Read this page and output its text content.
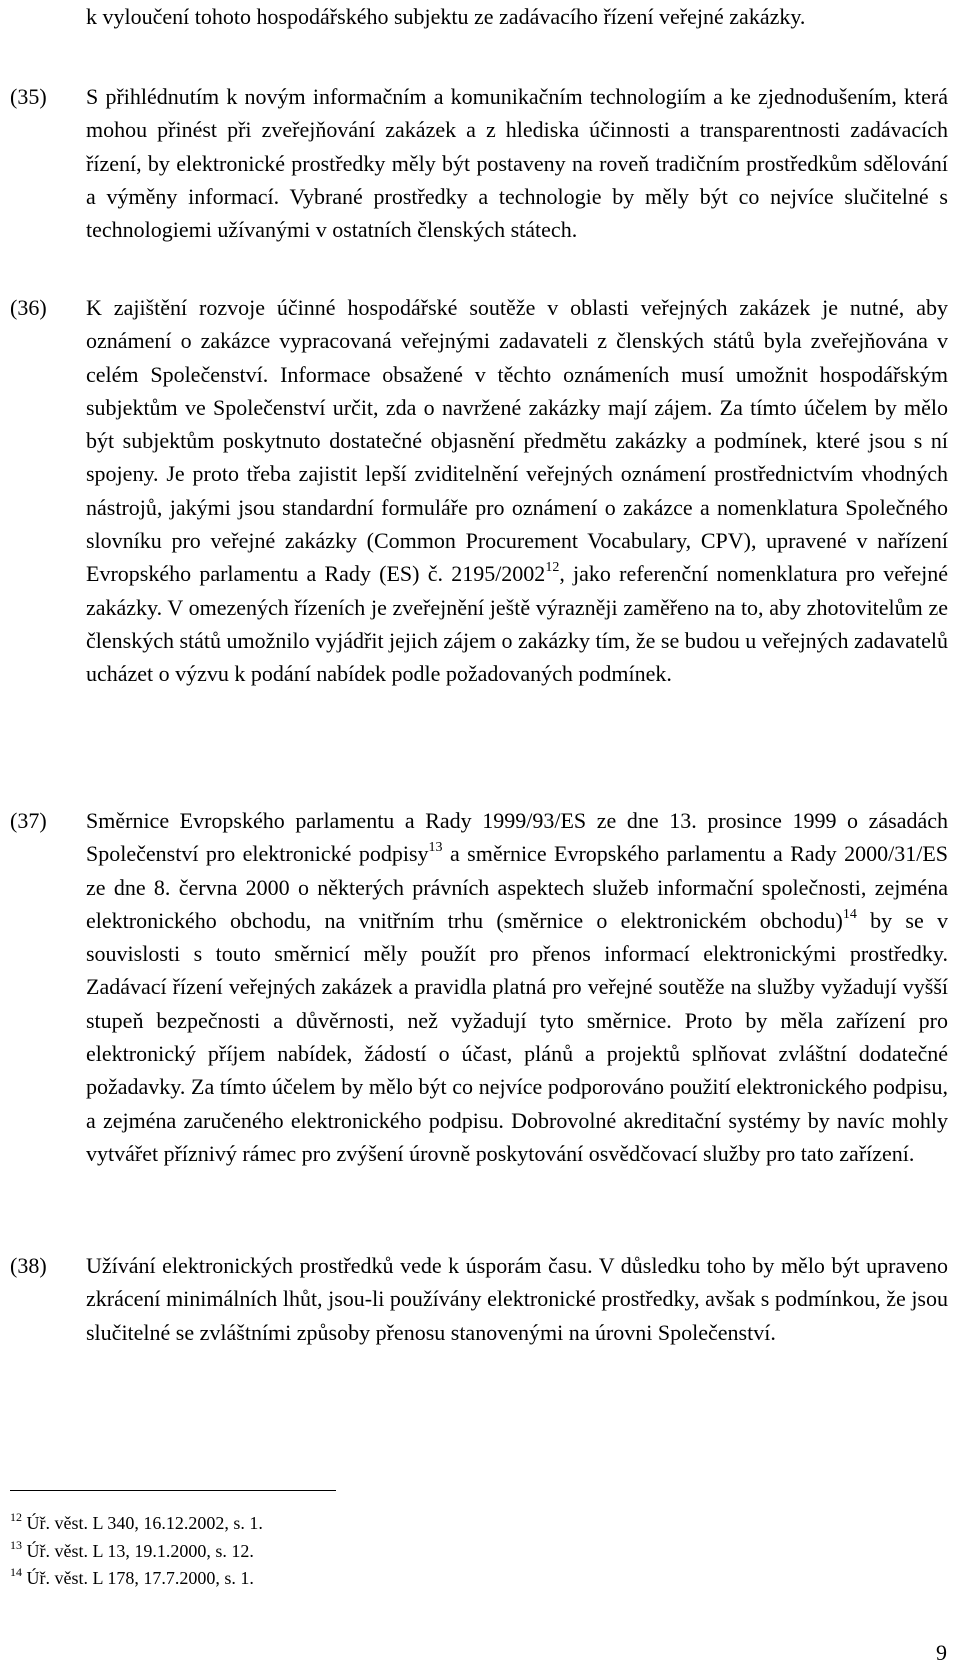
k vyloučení tohoto hospodářského subjektu ze zadávacího řízení veřejné zakázky.

(35) S přihlédnutím k novým informačním a komunikačním technologiím a ke zjednodušením, která mohou přinést při zveřejňování zakázek a z hlediska účinnosti a transparentnosti zadávacích řízení, by elektronické prostředky měly být postaveny na roveň tradičním prostředkům sdělování a výměny informací. Vybrané prostředky a technologie by měly být co nejvíce slučitelné s technologiemi užívanými v ostatních členských státech.

(36) K zajištění rozvoje účinné hospodářské soutěže v oblasti veřejných zakázek je nutné, aby oznámení o zakázce vypracovaná veřejnými zadavateli z členských států byla zveřejňována v celém Společenství. Informace obsažené v těchto oznámeních musí umožnit hospodářským subjektům ve Společenství určit, zda o navržené zakázky mají zájem. Za tímto účelem by mělo být subjektům poskytnuto dostatečné objasnění předmětu zakázky a podmínek, které jsou s ní spojeny. Je proto třeba zajistit lepší zviditelnění veřejných oznámení prostřednictvím vhodných nástrojů, jakými jsou standardní formuláře pro oznámení o zakázce a nomenklatura Společného slovníku pro veřejné zakázky (Common Procurement Vocabulary, CPV), upravené v nařízení Evropského parlamentu a Rady (ES) č. 2195/2002$^{12}$, jako referenční nomenklatura pro veřejné zakázky. V omezených řízeních je zveřejnění ještě výrazněji zaměřeno na to, aby zhotovitelům ze členských států umožnilo vyjádřit jejich zájem o zakázky tím, že se budou u veřejných zadavatelů ucházet o výzvu k podání nabídek podle požadovaných podmínek.

(37) Směrnice Evropského parlamentu a Rady 1999/93/ES ze dne 13. prosince 1999 o zásadách Společenství pro elektronické podpisy$^{13}$ a směrnice Evropského parlamentu a Rady 2000/31/ES ze dne 8. června 2000 o některých právních aspektech služeb informační společnosti, zejména elektronického obchodu, na vnitřním trhu (směrnice o elektronickém obchodu)$^{14}$ by se v souvislosti s touto směrnicí měly použít pro přenos informací elektronickými prostředky. Zadávací řízení veřejných zakázek a pravidla platná pro veřejné soutěže na služby vyžadují vyšší stupeň bezpečnosti a důvěrnosti, než vyžadují tyto směrnice. Proto by měla zařízení pro elektronický příjem nabídek, žádostí o účast, plánů a projektů splňovat zvláštní dodatečné požadavky. Za tímto účelem by mělo být co nejvíce podporováno použití elektronického podpisu, a zejména zaručeného elektronického podpisu. Dobrovolné akreditační systémy by navíc mohly vytvářet příznivý rámec pro zvýšení úrovně poskytování osvědčovací služby pro tato zařízení.

(38) Užívání elektronických prostředků vede k úsporám času. V důsledku toho by mělo být upraveno zkrácení minimálních lhůt, jsou-li používány elektronické prostředky, avšak s podmínkou, že jsou slučitelné se zvláštními způsoby přenosu stanovenými na úrovni Společenství.

$^{12}$ Úř. věst. L 340, 16.12.2002, s. 1.
$^{13}$ Úř. věst. L 13, 19.1.2000, s. 12.
$^{14}$ Úř. věst. L 178, 17.7.2000, s. 1.
9
